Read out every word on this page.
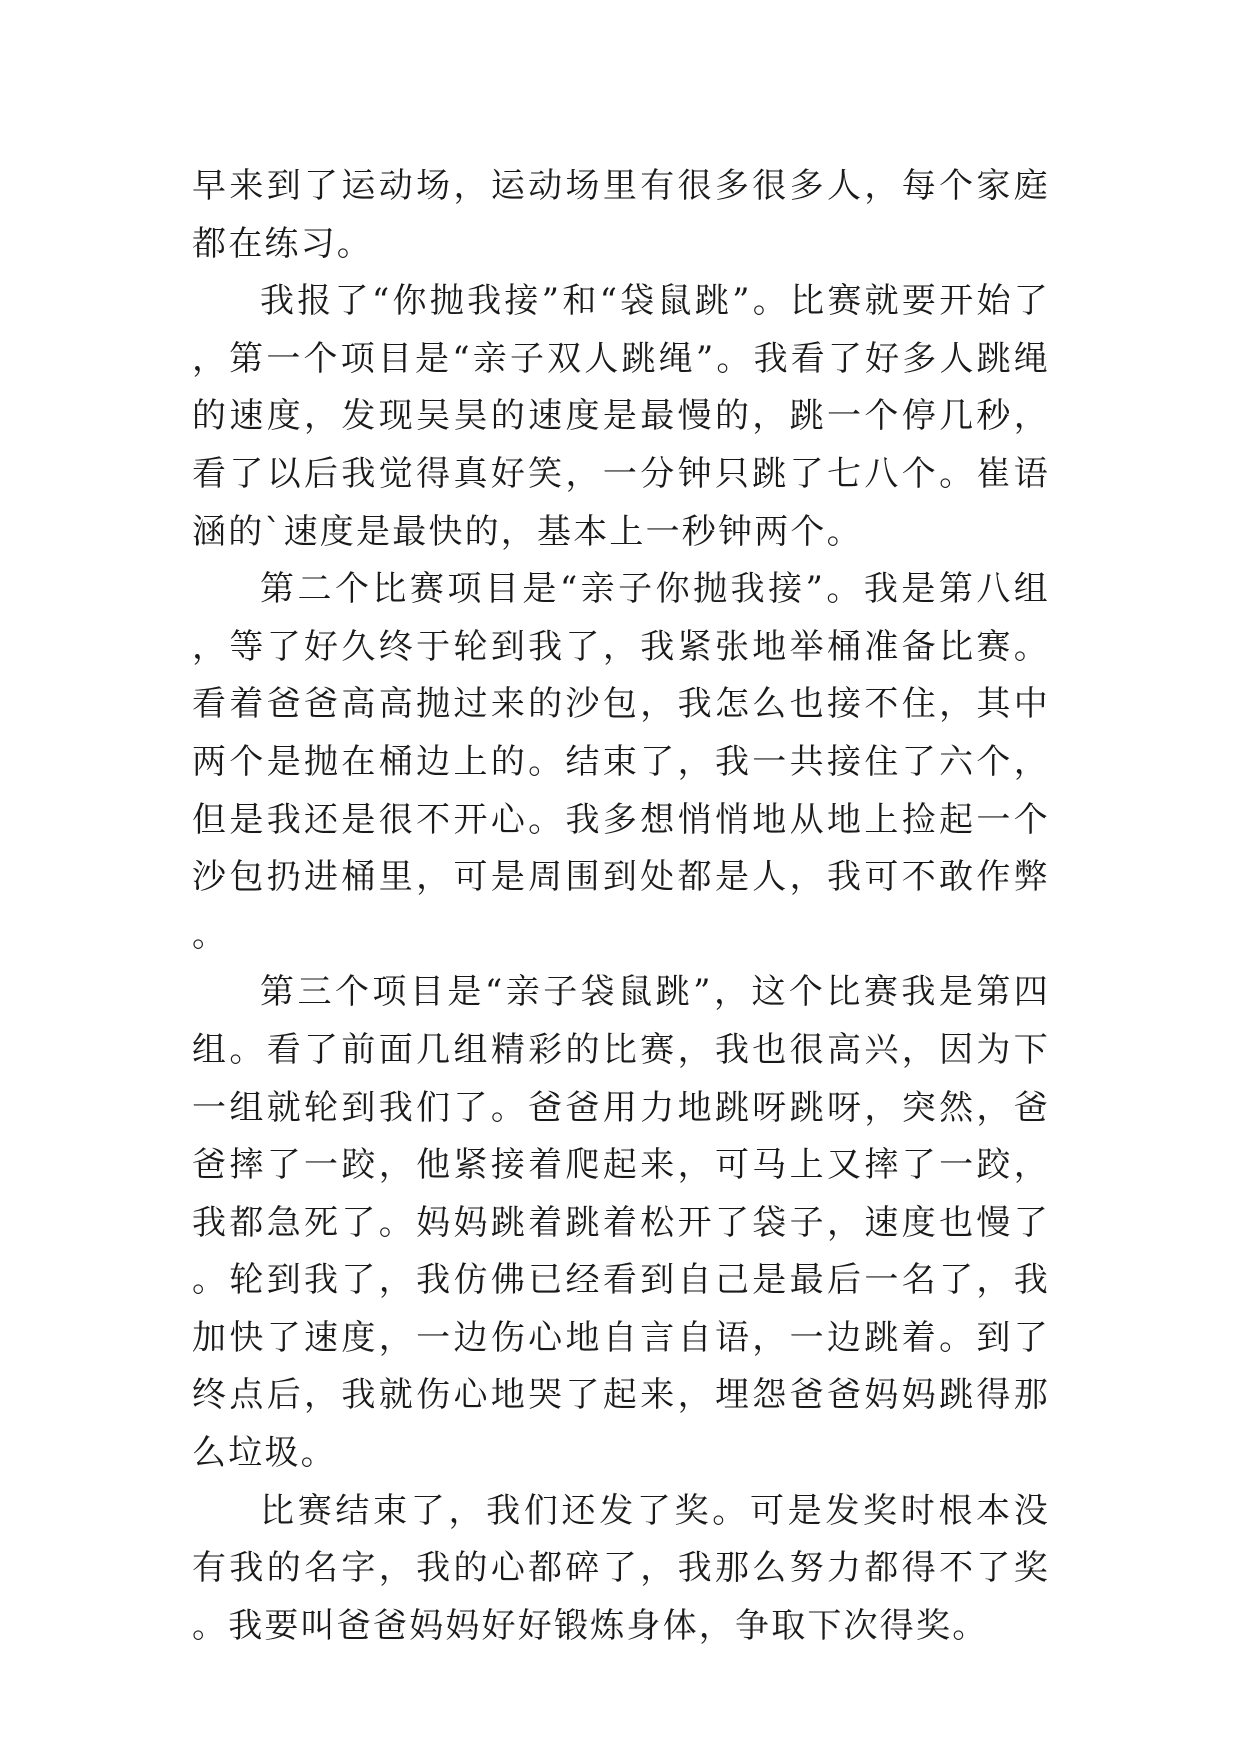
早来到了运动场，运动场里有很多很多人，每个家庭都在练习。

我报了“你抛我接”和“袋鼠跳”。比赛就要开始了，第一个项目是“亲子双人跳绳”。我看了好多人跳绳的速度，发现吴昊的速度是最慢的，跳一个停几秒，看了以后我觉得真好笑，一分钟只跳了七八个。崔语涵的`速度是最快的，基本上一秒钟两个。

第二个比赛项目是“亲子你抛我接”。我是第八组，等了好久终于轮到我了，我紧张地举桶准备比赛。看着爸爸高高抛过来的沙包，我怎么也接不住，其中两个是抛在桶边上的。结束了，我一共接住了六个，但是我还是很不开心。我多想悄悄地从地上捡起一个沙包扔进桶里，可是周围到处都是人，我可不敢作弊。

第三个项目是“亲子袋鼠跳”，这个比赛我是第四组。看了前面几组精彩的比赛，我也很高兴，因为下一组就轮到我们了。爸爸用力地跳呀跳呀，突然，爸爸摔了一跤，他紧接着爬起来，可马上又摔了一跤，我都急死了。妈妈跳着跳着松开了袋子，速度也慢了。轮到我了，我仿佛已经看到自己是最后一名了，我加快了速度，一边伤心地自言自语，一边跳着。到了终点后，我就伤心地哭了起来，埋怨爸爸妈妈跳得那么垃圾。

比赛结束了，我们还发了奖。可是发奖时根本没有我的名字，我的心都碎了，我那么努力都得不了奖。我要叫爸爸妈妈好好锻炼身体，争取下次得奖。
